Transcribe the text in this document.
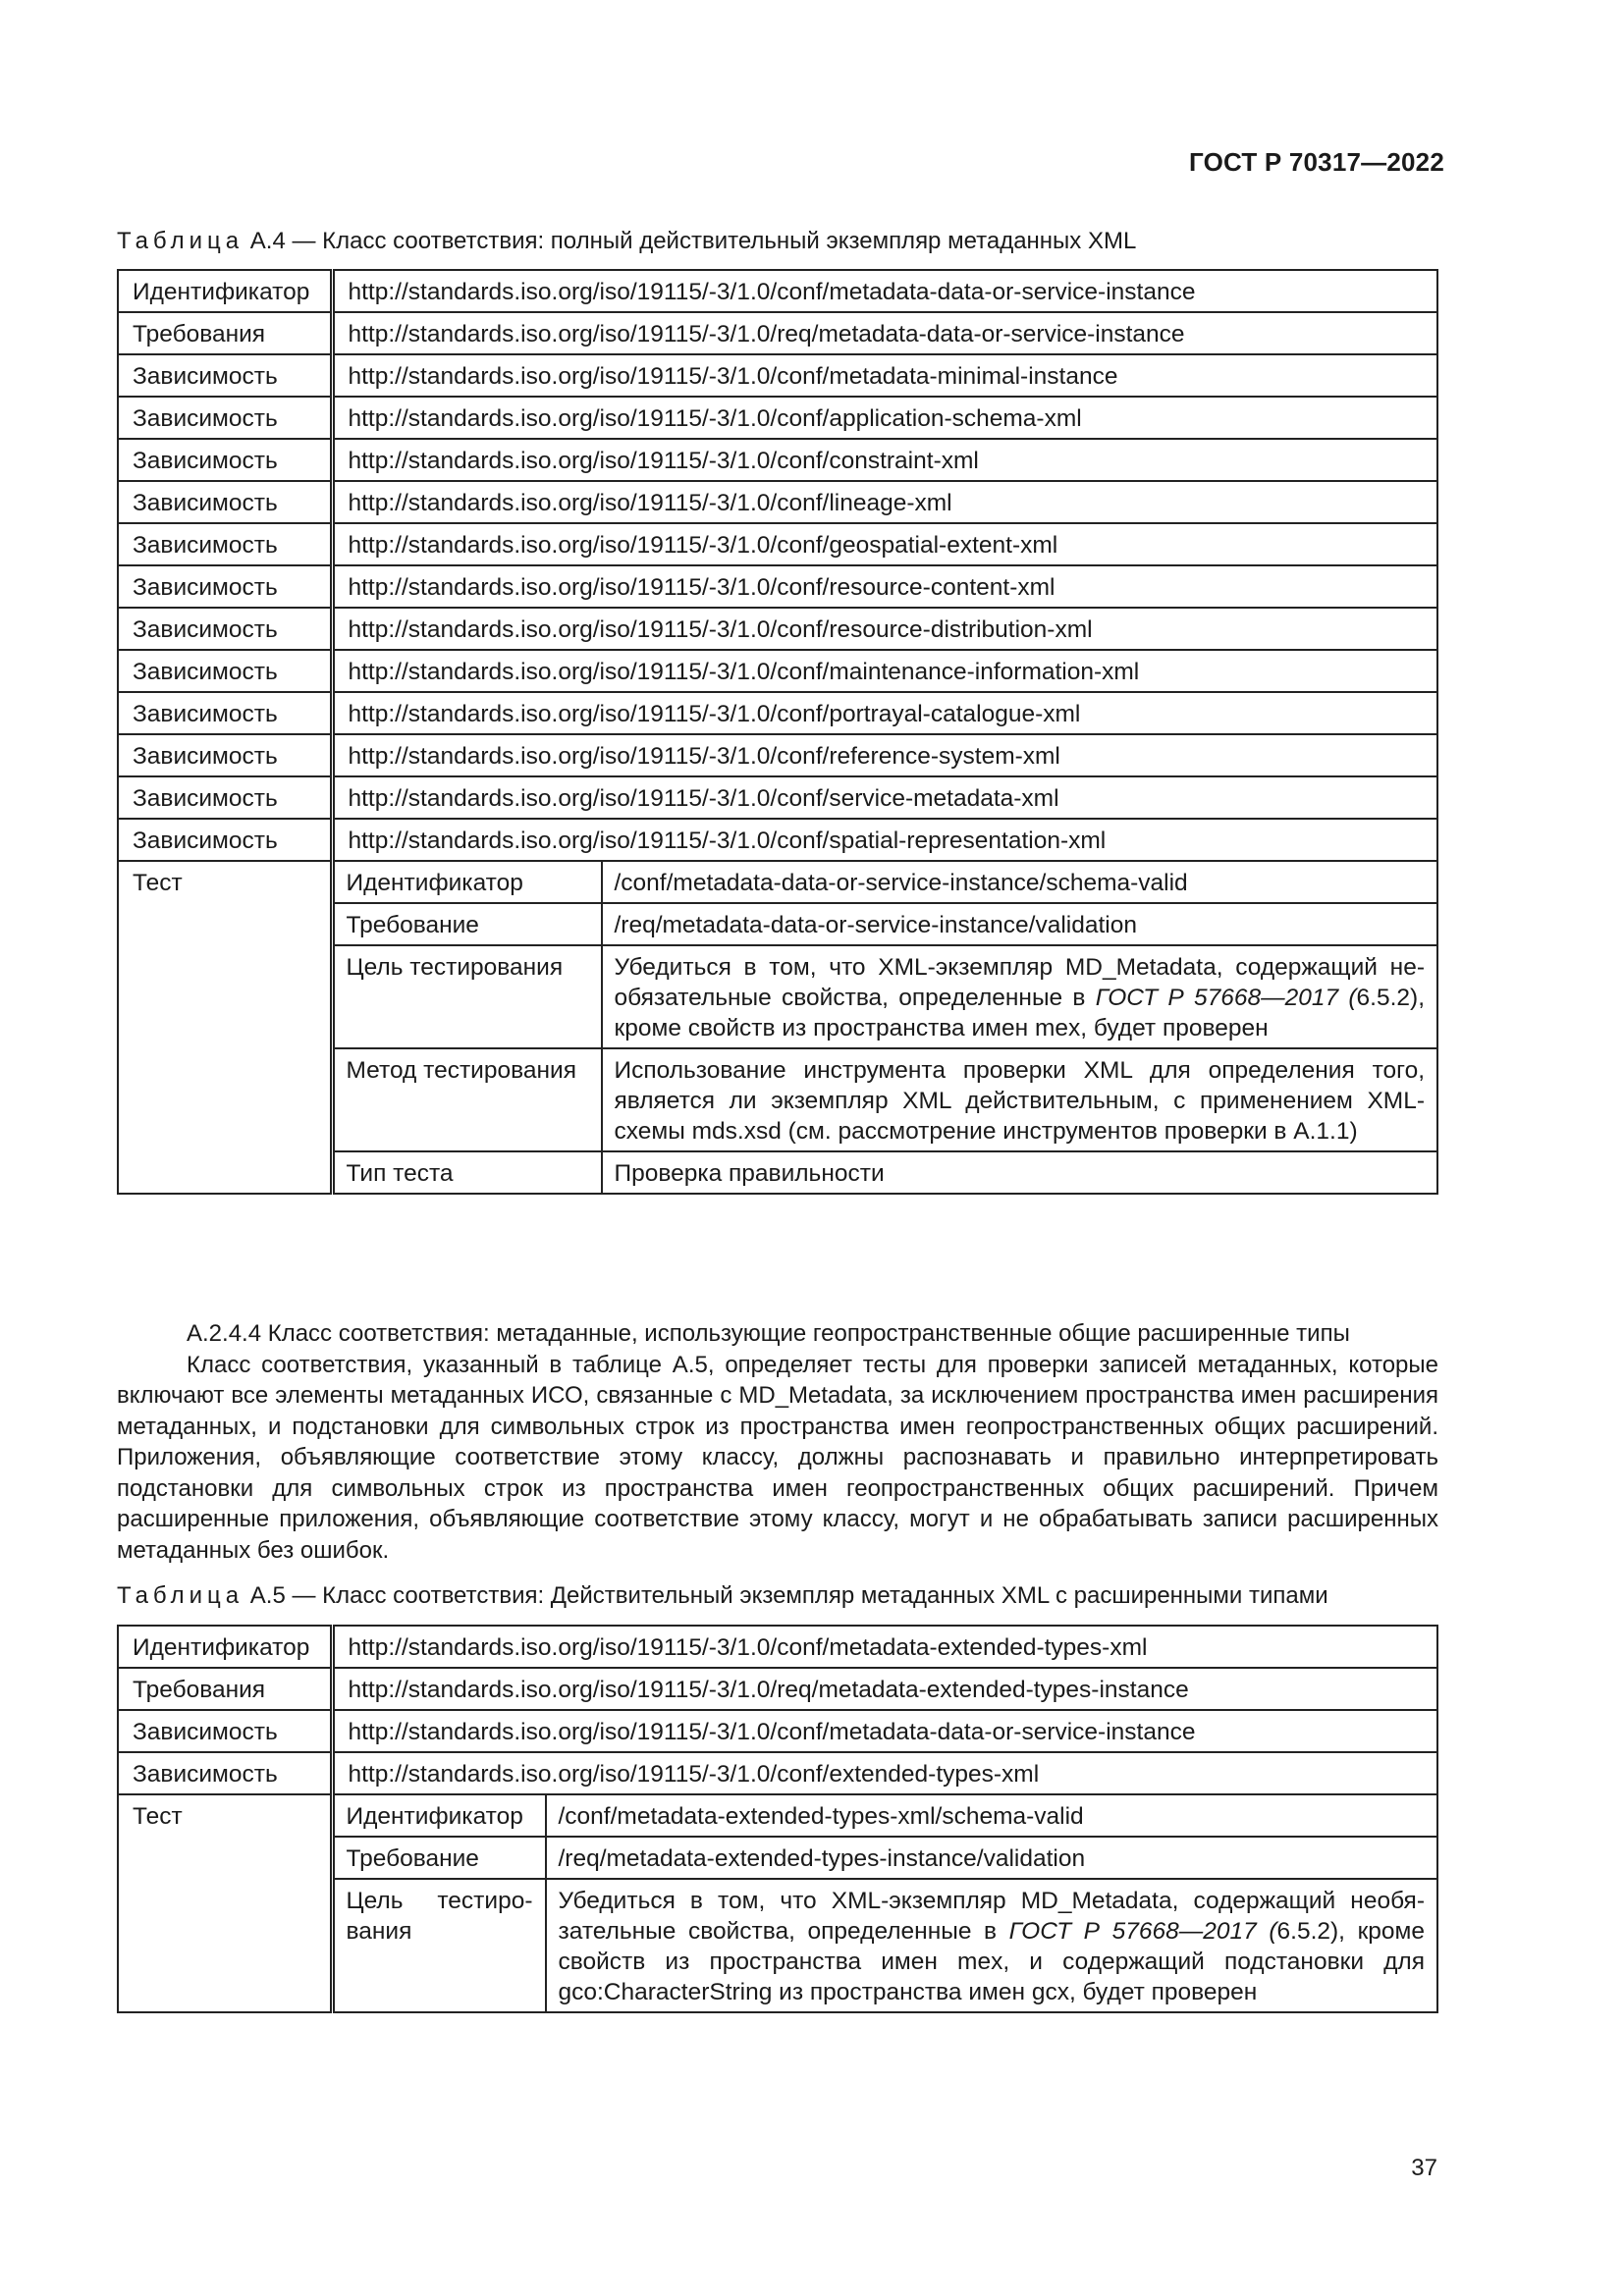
ГОСТ Р 70317—2022
Таблица А.4 — Класс соответствия: полный действительный экземпляр метаданных XML
Идентификатор	http://standards.iso.org/iso/19115/-3/1.0/conf/metadata-data-or-service-instance
Требования	http://standards.iso.org/iso/19115/-3/1.0/req/metadata-data-or-service-instance
Зависимость	http://standards.iso.org/iso/19115/-3/1.0/conf/metadata-minimal-instance
Зависимость	http://standards.iso.org/iso/19115/-3/1.0/conf/application-schema-xml
Зависимость	http://standards.iso.org/iso/19115/-3/1.0/conf/constraint-xml
Зависимость	http://standards.iso.org/iso/19115/-3/1.0/conf/lineage-xml
Зависимость	http://standards.iso.org/iso/19115/-3/1.0/conf/geospatial-extent-xml
Зависимость	http://standards.iso.org/iso/19115/-3/1.0/conf/resource-content-xml
Зависимость	http://standards.iso.org/iso/19115/-3/1.0/conf/resource-distribution-xml
Зависимость	http://standards.iso.org/iso/19115/-3/1.0/conf/maintenance-information-xml
Зависимость	http://standards.iso.org/iso/19115/-3/1.0/conf/portrayal-catalogue-xml
Зависимость	http://standards.iso.org/iso/19115/-3/1.0/conf/reference-system-xml
Зависимость	http://standards.iso.org/iso/19115/-3/1.0/conf/service-metadata-xml
Зависимость	http://standards.iso.org/iso/19115/-3/1.0/conf/spatial-representation-xml
Тест		Идентификатор	/conf/metadata-data-or-service-instance/schema-valid
Требование	/req/metadata-data-or-service-instance/validation
Цель тестирования	Убедиться в том, что XML-экземпляр MD_Metadata, содержащий необязательные свойства, определенные в ГОСТ Р 57668—2017 (6.5.2), кроме свойств из пространства имен mex, будет проверен
Метод тестирования	Использование инструмента проверки XML для определения того, является ли экземпляр XML действительным, с применением XML-схемы mds.xsd (см. рассмотрение инструментов проверки в А.1.1)
Тип теста	Проверка правильности

А.2.4.4 Класс соответствия: метаданные, использующие геопространственные общие расширенные типы

Класс соответствия, указанный в таблице А.5, определяет тесты для проверки записей метаданных, которые включают все элементы метаданных ИСО, связанные с MD_Metadata, за исключением пространства имен расширения метаданных, и подстановки для символьных строк из пространства имен геопространственных общих расширений. Приложения, объявляющие соответствие этому классу, должны распознавать и правильно интерпретировать подстановки для символьных строк из пространства имен геопространственных общих расширений. Причем расширенные приложения, объявляющие соответствие этому классу, могут и не обрабатывать записи расширенных метаданных без ошибок.

Таблица А.5 — Класс соответствия: Действительный экземпляр метаданных XML с расширенными типами
Идентификатор	http://standards.iso.org/iso/19115/-3/1.0/conf/metadata-extended-types-xml
Требования	http://standards.iso.org/iso/19115/-3/1.0/req/metadata-extended-types-instance
Зависимость	http://standards.iso.org/iso/19115/-3/1.0/conf/metadata-data-or-service-instance
Зависимость	http://standards.iso.org/iso/19115/-3/1.0/conf/extended-types-xml
Тест		Идентификатор	/conf/metadata-extended-types-xml/schema-valid
Требование	/req/metadata-extended-types-instance/validation
Цель тестирования	Убедиться в том, что XML-экземпляр MD_Metadata, содержащий необязательные свойства, определенные в ГОСТ Р 57668—2017 (6.5.2), кроме свойств из пространства имен mex, и содержащий подстановки для gco:CharacterString из пространства имен gcx, будет проверен
37
